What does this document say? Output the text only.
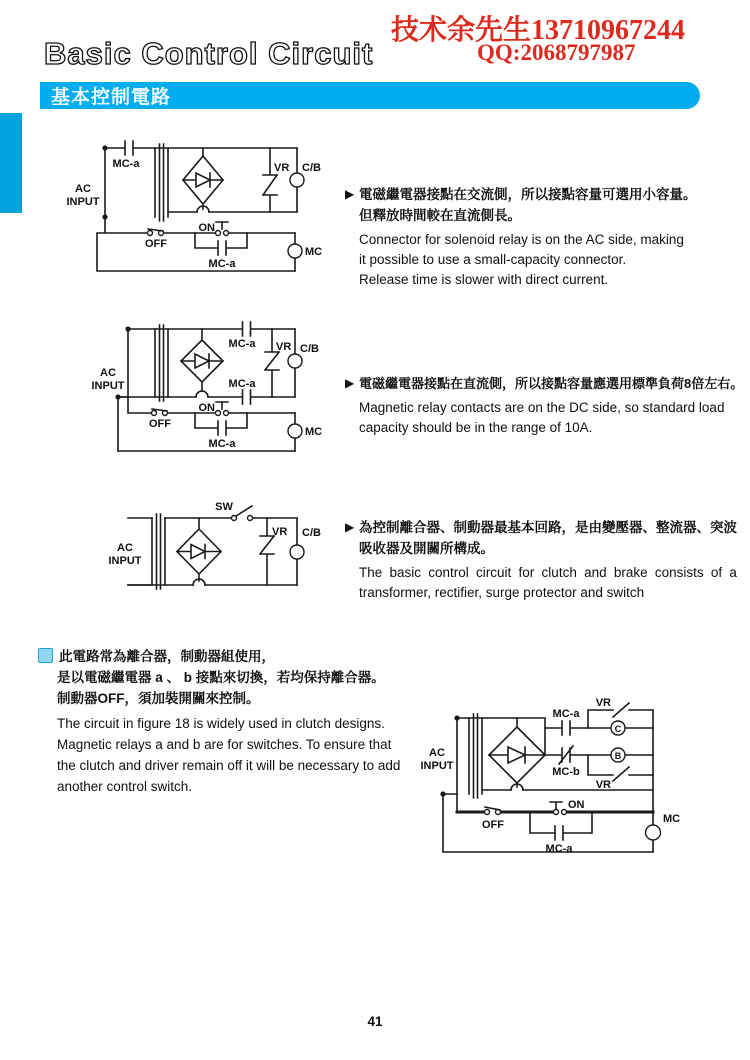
技术余先生13710967244
QQ:2068797987
Basic Control Circuit
基本控制電路
AC
INPUT
MC-a	VR C/B
OFF
ON
MC-a
MC
▶ 電磁繼電器接點在交流側，所以接點容量可選用小容量。
但釋放時間較在直流側長。
Connector for solenoid relay is on the AC side, making
it possible to use a small-capacity connector.
Release time is slower with direct current.
AC
INPUT
MC-a
MC-a
VR C/B
OFF
ON
MC-a
MC
▶ 電磁繼電器接點在直流側，所以接點容量應選用標準負荷8倍左右。
Magnetic relay contacts are on the DC side, so standard load
capacity should be in the range of 10A.
AC
INPUT
SW
VR C/B ▶ 為控制離合器、制動器最基本回路，是由變壓器、整流器、突波
吸收器及開關所構成。
The basic control circuit for clutch and brake consists of a
transformer, rectifier, surge protector and switch
此電路常為離合器，制動器組使用，
是以電磁繼電器 a 、 b 接點來切換，若均保持離合器。
制動器OFF，須加裝開關來控制。
The circuit in figure 18 is widely used in clutch designs.
Magnetic relays a and b are for switches. To ensure that
the clutch and driver remain off it will be necessary to add
another control switch.
AC
INPUT
MC-a
C
VR
MC-b
B
VR
MC
OFF
ON
MC-a
41
